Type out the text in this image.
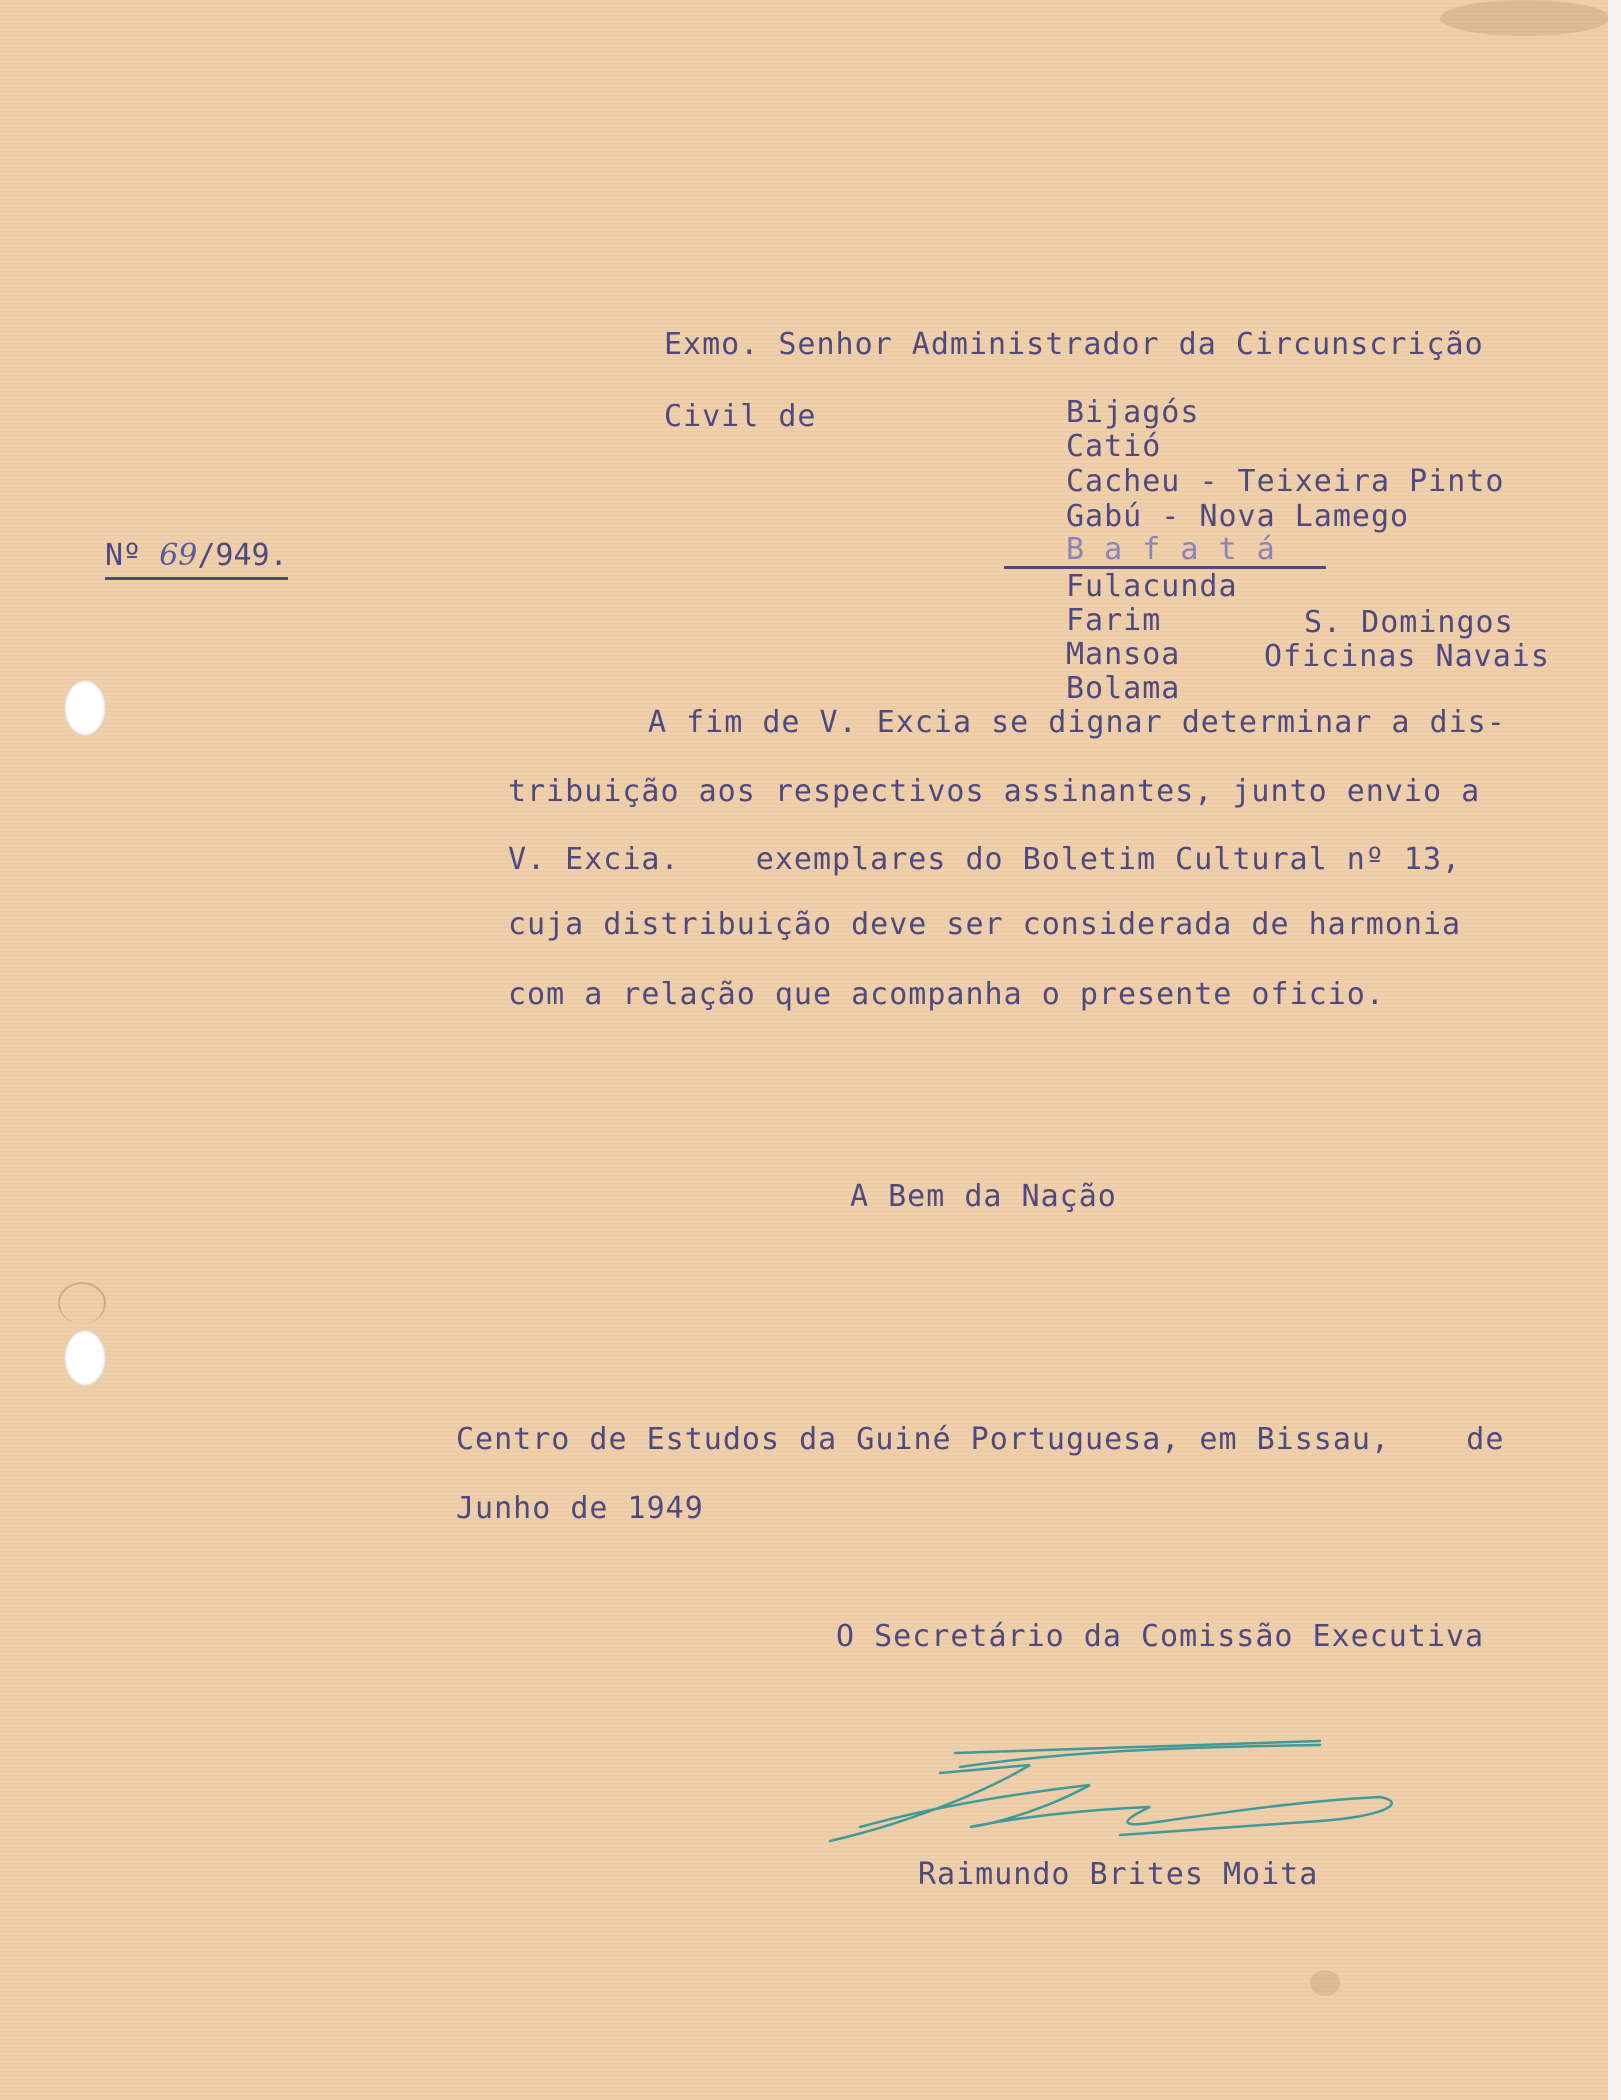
Exmo. Senhor Administrador da Circunscrição
Civil de	Bijagós
Catió
Cacheu - Teixeira Pinto
Gabú - Nova Lamego
B a f a t á
Fulacunda
Farim
Mansoa
Bolama
S. Domingos
Oficinas Navais
Nº 69/949.
A fim de V. Excia se dignar determinar a dis-
tribuição aos respectivos assinantes, junto envio a
V. Excia.    exemplares do Boletim Cultural nº 13,
cuja distribuição deve ser considerada de harmonia
com a relação que acompanha o presente oficio.
A Bem da Nação
Centro de Estudos da Guiné Portuguesa, em Bissau,    de
Junho de 1949
O Secretário da Comissão Executiva
Raimundo Brites Moita
